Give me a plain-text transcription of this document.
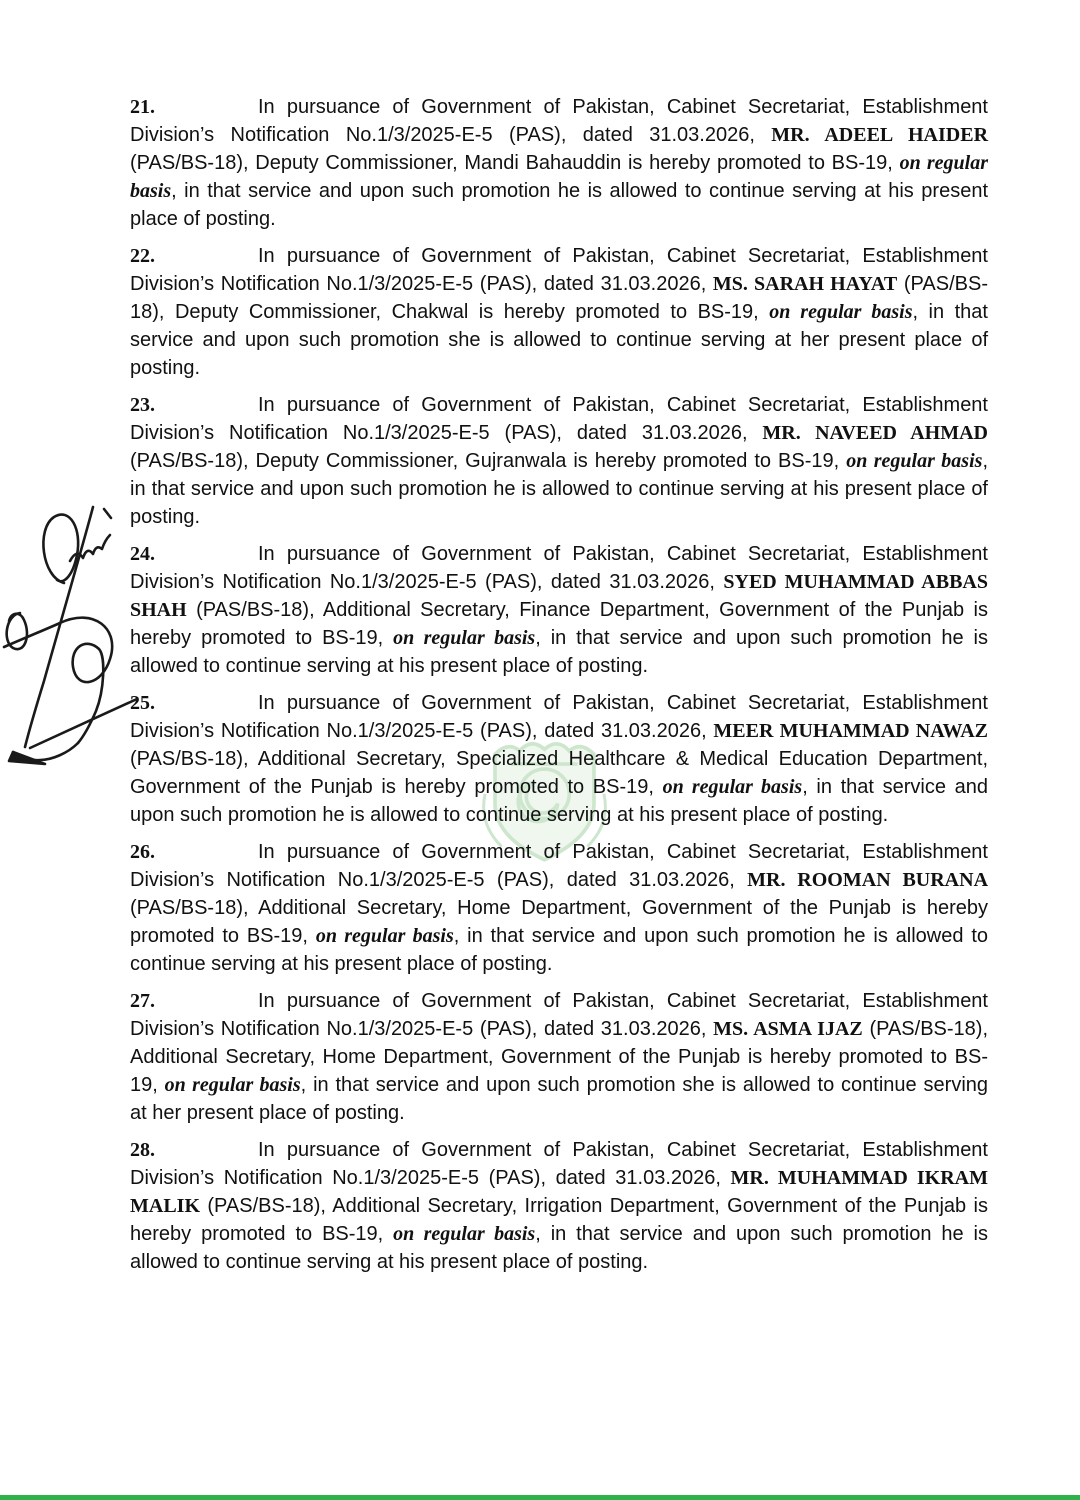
21.	In pursuance of Government of Pakistan, Cabinet Secretariat, Establishment Division’s Notification No.1/3/2025-E-5 (PAS), dated 31.03.2026, MR. ADEEL HAIDER (PAS/BS-18), Deputy Commissioner, Mandi Bahauddin is hereby promoted to BS-19, on regular basis, in that service and upon such promotion he is allowed to continue serving at his present place of posting.

22.	In pursuance of Government of Pakistan, Cabinet Secretariat, Establishment Division’s Notification No.1/3/2025-E-5 (PAS), dated 31.03.2026, MS. SARAH HAYAT (PAS/BS-18), Deputy Commissioner, Chakwal is hereby promoted to BS-19, on regular basis, in that service and upon such promotion she is allowed to continue serving at her present place of posting.

23.	In pursuance of Government of Pakistan, Cabinet Secretariat, Establishment Division’s Notification No.1/3/2025-E-5 (PAS), dated 31.03.2026, MR. NAVEED AHMAD (PAS/BS-18), Deputy Commissioner, Gujranwala is hereby promoted to BS-19, on regular basis, in that service and upon such promotion he is allowed to continue serving at his present place of posting.

24.	In pursuance of Government of Pakistan, Cabinet Secretariat, Establishment Division’s Notification No.1/3/2025-E-5 (PAS), dated 31.03.2026, SYED MUHAMMAD ABBAS SHAH (PAS/BS-18), Additional Secretary, Finance Department, Government of the Punjab is hereby promoted to BS-19, on regular basis, in that service and upon such promotion he is allowed to continue serving at his present place of posting.

25.	In pursuance of Government of Pakistan, Cabinet Secretariat, Establishment Division’s Notification No.1/3/2025-E-5 (PAS), dated 31.03.2026, MEER MUHAMMAD NAWAZ (PAS/BS-18), Additional Secretary, Specialized Healthcare & Medical Education Department, Government of the Punjab is hereby promoted to BS-19, on regular basis, in that service and upon such promotion he is allowed to continue serving at his present place of posting.

26.	In pursuance of Government of Pakistan, Cabinet Secretariat, Establishment Division’s Notification No.1/3/2025-E-5 (PAS), dated 31.03.2026, MR. ROOMAN BURANA (PAS/BS-18), Additional Secretary, Home Department, Government of the Punjab is hereby promoted to BS-19, on regular basis, in that service and upon such promotion he is allowed to continue serving at his present place of posting.

27.	In pursuance of Government of Pakistan, Cabinet Secretariat, Establishment Division’s Notification No.1/3/2025-E-5 (PAS), dated 31.03.2026, MS. ASMA IJAZ (PAS/BS-18), Additional Secretary, Home Department, Government of the Punjab is hereby promoted to BS-19, on regular basis, in that service and upon such promotion she is allowed to continue serving at her present place of posting.

28.	In pursuance of Government of Pakistan, Cabinet Secretariat, Establishment Division’s Notification No.1/3/2025-E-5 (PAS), dated 31.03.2026, MR. MUHAMMAD IKRAM MALIK (PAS/BS-18), Additional Secretary, Irrigation Department, Government of the Punjab is hereby promoted to BS-19, on regular basis, in that service and upon such promotion he is allowed to continue serving at his present place of posting.
